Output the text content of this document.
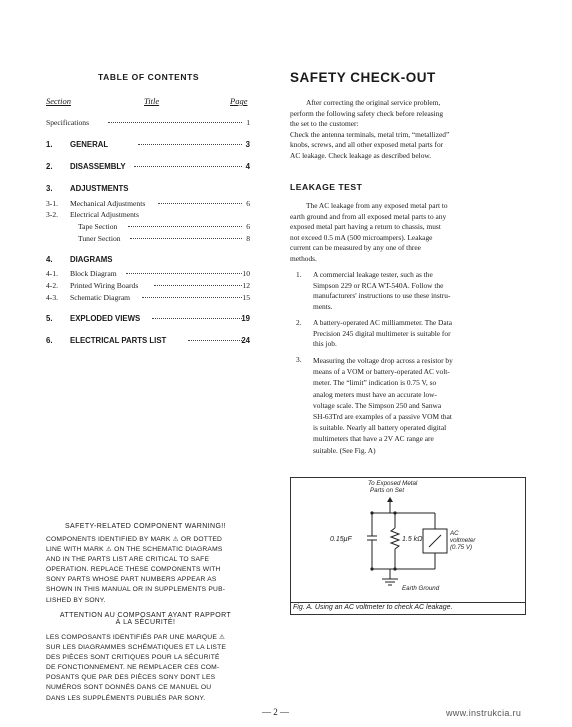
TABLE OF CONTENTS
Section	Title	Page
Specifications	1
1. GENERAL	3
2. DISASSEMBLY	4
3. ADJUSTMENTS
3-1. Mechanical Adjustments	6
3-2. Electrical Adjustments
Tape Section	6
Tuner Section	8
4. DIAGRAMS
4-1. Block Diagram	10
4-2. Printed Wiring Boards	12
4-3. Schematic Diagram	15
5. EXPLODED VIEWS	19
6. ELECTRICAL PARTS LIST	24
SAFETY CHECK-OUT
After correcting the original service problem,
perform the following safety check before releasing
the set to the customer:
Check the antenna terminals, metal trim, “metallized”
knobs, screws, and all other exposed metal parts for
AC leakage. Check leakage as described below.
LEAKAGE TEST
The AC leakage from any exposed metal part to
earth ground and from all exposed metal parts to any
exposed metal part having a return to chassis, must
not exceed 0.5 mA (500 microampers). Leakage
current can be measured by any one of three
methods.
1. A commercial leakage tester, such as the
Simpson 229 or RCA WT-540A. Follow the
manufacturers' instructions to use these instru-
ments.
2. A battery-operated AC milliammeter. The Data
Precision 245 digital multimeter is suitable for
this job.
3. Measuring the voltage drop across a resistor by
means of a VOM or battery-operated AC volt-
meter. The “limit” indication is 0.75 V, so
analog meters must have an accurate low-
voltage scale. The Simpson 250 and Sanwa
SH-63Trd are examples of a passive VOM that
is suitable. Nearly all battery operated digital
multimeters that have a 2V AC range are
suitable. (See Fig. A)
To Exposed Metal
Parts on Set
0.15μF	1.5 kΩ
AC
voltmeter
(0.75 V)
Earth Ground
Fig. A. Using an AC voltmeter to check AC leakage.
SAFETY-RELATED COMPONENT WARNING!!
COMPONENTS IDENTIFIED BY MARK ⚠ OR DOTTED
LINE WITH MARK ⚠ ON THE SCHEMATIC DIAGRAMS
AND IN THE PARTS LIST ARE CRITICAL TO SAFE
OPERATION. REPLACE THESE COMPONENTS WITH
SONY PARTS WHOSE PART NUMBERS APPEAR AS
SHOWN IN THIS MANUAL OR IN SUPPLEMENTS PUB-
LISHED BY SONY.
ATTENTION AU COMPOSANT AYANT RAPPORT
À LA SÉCURITÉ!
LES COMPOSANTS IDENTIFIÉS PAR UNE MARQUE ⚠
SUR LES DIAGRAMMES SCHÉMATIQUES ET LA LISTE
DES PIÈCES SONT CRITIQUES POUR LA SÉCURITÉ
DE FONCTIONNEMENT. NE REMPLACER CES COM-
POSANTS QUE PAR DES PIÈCES SONY DONT LES
NUMÉROS SONT DONNÉS DANS CE MANUEL OU
DANS LES SUPPLÉMENTS PUBLIÉS PAR SONY.
— 2 —	www.instrukcia.ru
